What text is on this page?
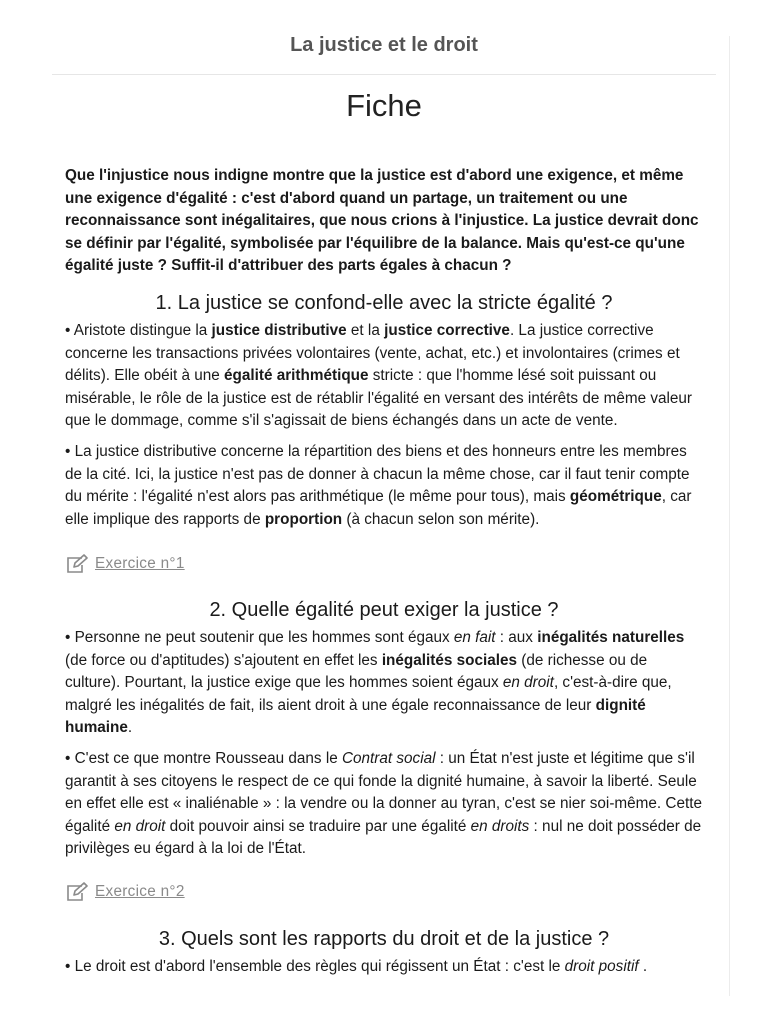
La justice et le droit
Fiche
Que l'injustice nous indigne montre que la justice est d'abord une exigence, et même une exigence d'égalité : c'est d'abord quand un partage, un traitement ou une reconnaissance sont inégalitaires, que nous crions à l'injustice. La justice devrait donc se définir par l'égalité, symbolisée par l'équilibre de la balance. Mais qu'est-ce qu'une égalité juste ? Suffit-il d'attribuer des parts égales à chacun ?
1. La justice se confond-elle avec la stricte égalité ?
• Aristote distingue la justice distributive et la justice corrective. La justice corrective concerne les transactions privées volontaires (vente, achat, etc.) et involontaires (crimes et délits). Elle obéit à une égalité arithmétique stricte : que l'homme lésé soit puissant ou misérable, le rôle de la justice est de rétablir l'égalité en versant des intérêts de même valeur que le dommage, comme s'il s'agissait de biens échangés dans un acte de vente.
• La justice distributive concerne la répartition des biens et des honneurs entre les membres de la cité. Ici, la justice n'est pas de donner à chacun la même chose, car il faut tenir compte du mérite : l'égalité n'est alors pas arithmétique (le même pour tous), mais géométrique, car elle implique des rapports de proportion (à chacun selon son mérite).
Exercice n°1
2. Quelle égalité peut exiger la justice ?
• Personne ne peut soutenir que les hommes sont égaux en fait : aux inégalités naturelles (de force ou d'aptitudes) s'ajoutent en effet les inégalités sociales (de richesse ou de culture). Pourtant, la justice exige que les hommes soient égaux en droit, c'est-à-dire que, malgré les inégalités de fait, ils aient droit à une égale reconnaissance de leur dignité humaine.
• C'est ce que montre Rousseau dans le Contrat social : un État n'est juste et légitime que s'il garantit à ses citoyens le respect de ce qui fonde la dignité humaine, à savoir la liberté. Seule en effet elle est « inaliénable » : la vendre ou la donner au tyran, c'est se nier soi-même. Cette égalité en droit doit pouvoir ainsi se traduire par une égalité en droits : nul ne doit posséder de privilèges eu égard à la loi de l'État.
Exercice n°2
3. Quels sont les rapports du droit et de la justice ?
• Le droit est d'abord l'ensemble des règles qui régissent un État : c'est le droit positif .
